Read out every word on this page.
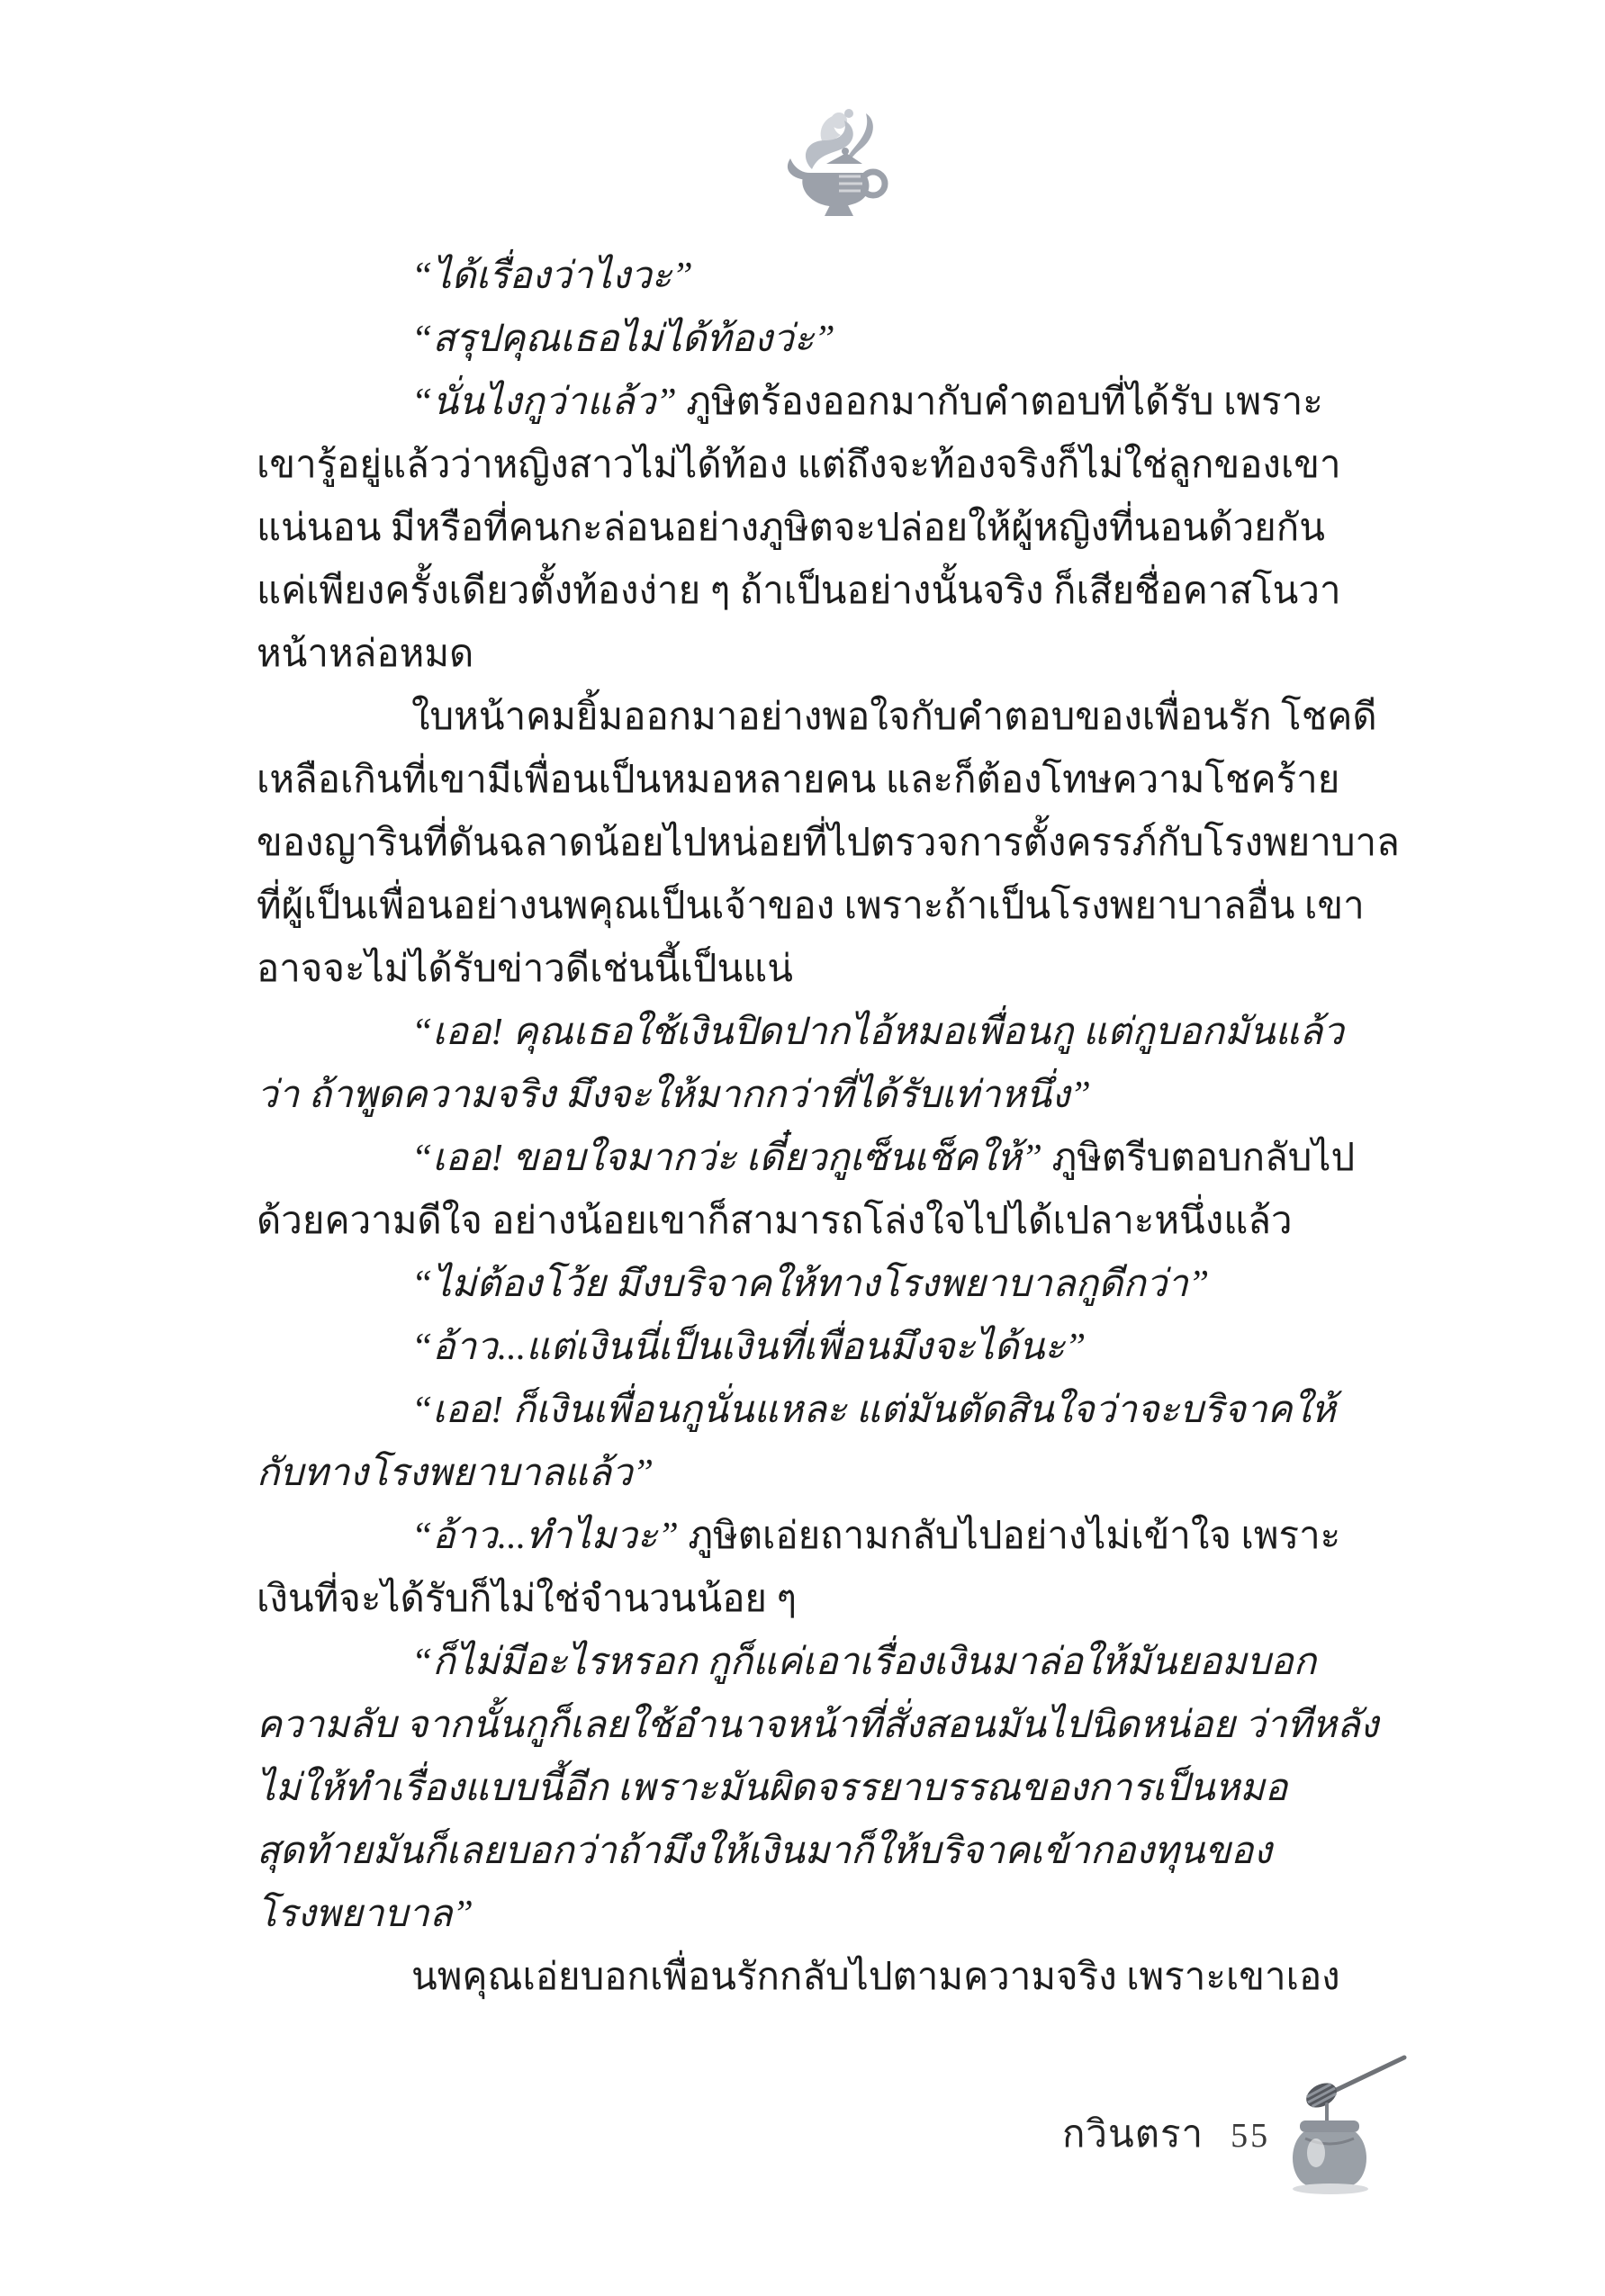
“ได้เรื่องว่าไงวะ”
“สรุปคุณเธอไม่ได้ท้องว่ะ”
“นั่นไงกูว่าแล้ว” ภูษิตร้องออกมากับคำตอบที่ได้รับ เพราะ
เขารู้อยู่แล้วว่าหญิงสาวไม่ได้ท้อง แต่ถึงจะท้องจริงก็ไม่ใช่ลูกของเขา
แน่นอน มีหรือที่คนกะล่อนอย่างภูษิตจะปล่อยให้ผู้หญิงที่นอนด้วยกัน
แค่เพียงครั้งเดียวตั้งท้องง่าย ๆ ถ้าเป็นอย่างนั้นจริง ก็เสียชื่อคาสโนวา
หน้าหล่อหมด
ใบหน้าคมยิ้มออกมาอย่างพอใจกับคำตอบของเพื่อนรัก โชคดี
เหลือเกินที่เขามีเพื่อนเป็นหมอหลายคน และก็ต้องโทษความโชคร้าย
ของญารินที่ดันฉลาดน้อยไปหน่อยที่ไปตรวจการตั้งครรภ์กับโรงพยาบาล
ที่ผู้เป็นเพื่อนอย่างนพคุณเป็นเจ้าของ เพราะถ้าเป็นโรงพยาบาลอื่น เขา
อาจจะไม่ได้รับข่าวดีเช่นนี้เป็นแน่
“เออ! คุณเธอใช้เงินปิดปากไอ้หมอเพื่อนกู แต่กูบอกมันแล้ว
ว่า ถ้าพูดความจริง มึงจะให้มากกว่าที่ได้รับเท่าหนึ่ง”
“เออ! ขอบใจมากว่ะ เดี๋ยวกูเซ็นเช็คให้” ภูษิตรีบตอบกลับไป
ด้วยความดีใจ อย่างน้อยเขาก็สามารถโล่งใจไปได้เปลาะหนึ่งแล้ว
“ไม่ต้องโว้ย มึงบริจาคให้ทางโรงพยาบาลกูดีกว่า”
“อ้าว...แต่เงินนี่เป็นเงินที่เพื่อนมึงจะได้นะ”
“เออ! ก็เงินเพื่อนกูนั่นแหละ แต่มันตัดสินใจว่าจะบริจาคให้
กับทางโรงพยาบาลแล้ว”
“อ้าว...ทำไมวะ” ภูษิตเอ่ยถามกลับไปอย่างไม่เข้าใจ เพราะ
เงินที่จะได้รับก็ไม่ใช่จำนวนน้อย ๆ
“ก็ไม่มีอะไรหรอก กูก็แค่เอาเรื่องเงินมาล่อให้มันยอมบอก
ความลับ จากนั้นกูก็เลยใช้อำนาจหน้าที่สั่งสอนมันไปนิดหน่อย ว่าทีหลัง
ไม่ให้ทำเรื่องแบบนี้อีก เพราะมันผิดจรรยาบรรณของการเป็นหมอ
สุดท้ายมันก็เลยบอกว่าถ้ามึงให้เงินมาก็ให้บริจาคเข้ากองทุนของ
โรงพยาบาล”
นพคุณเอ่ยบอกเพื่อนรักกลับไปตามความจริง เพราะเขาเอง
กวินตรา 55
